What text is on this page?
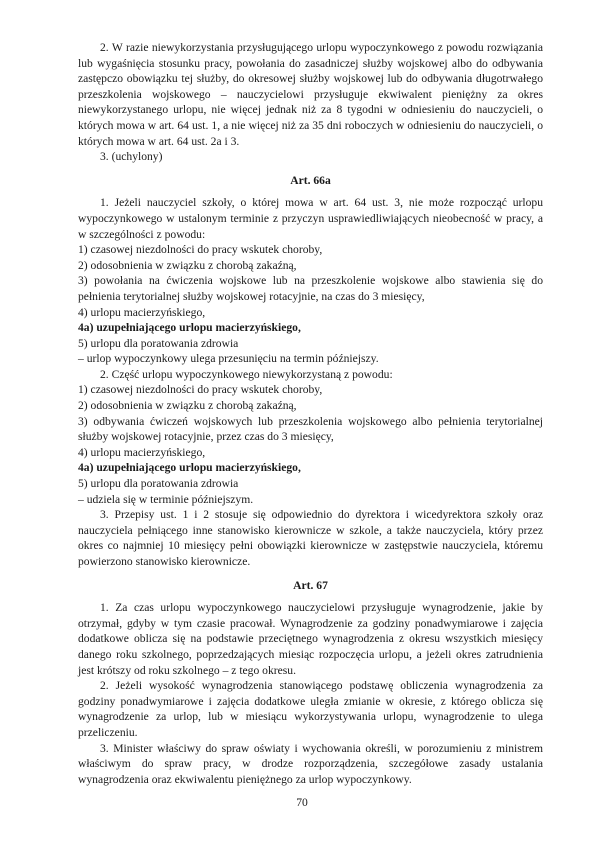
2. W razie niewykorzystania przysługującego urlopu wypoczynkowego z powodu rozwiązania lub wygaśnięcia stosunku pracy, powołania do zasadniczej służby wojskowej albo do odbywania zastępczo obowiązku tej służby, do okresowej służby wojskowej lub do odbywania długotrwałego przeszkolenia wojskowego – nauczycielowi przysługuje ekwiwalent pieniężny za okres niewykorzystanego urlopu, nie więcej jednak niż za 8 tygodni w odniesieniu do nauczycieli, o których mowa w art. 64 ust. 1, a nie więcej niż za 35 dni roboczych w odniesieniu do nauczycieli, o których mowa w art. 64 ust. 2a i 3.

3. (uchylony)

Art. 66a

1. Jeżeli nauczyciel szkoły, o której mowa w art. 64 ust. 3, nie może rozpocząć urlopu wypoczynkowego w ustalonym terminie z przyczyn usprawiedliwiających nieobecność w pracy, a w szczególności z powodu:

1) czasowej niezdolności do pracy wskutek choroby,

2) odosobnienia w związku z chorobą zakaźną,

3) powołania na ćwiczenia wojskowe lub na przeszkolenie wojskowe albo stawienia się do pełnienia terytorialnej służby wojskowej rotacyjnie, na czas do 3 miesięcy,

4) urlopu macierzyńskiego,

4a) uzupełniającego urlopu macierzyńskiego,

5) urlopu dla poratowania zdrowia

– urlop wypoczynkowy ulega przesunięciu na termin późniejszy.

2. Część urlopu wypoczynkowego niewykorzystaną z powodu:

1) czasowej niezdolności do pracy wskutek choroby,

2) odosobnienia w związku z chorobą zakaźną,

3) odbywania ćwiczeń wojskowych lub przeszkolenia wojskowego albo pełnienia terytorialnej służby wojskowej rotacyjnie, przez czas do 3 miesięcy,

4) urlopu macierzyńskiego,

4a) uzupełniającego urlopu macierzyńskiego,

5) urlopu dla poratowania zdrowia

– udziela się w terminie późniejszym.

3. Przepisy ust. 1 i 2 stosuje się odpowiednio do dyrektora i wicedyrektora szkoły oraz nauczyciela pełniącego inne stanowisko kierownicze w szkole, a także nauczyciela, który przez okres co najmniej 10 miesięcy pełni obowiązki kierownicze w zastępstwie nauczyciela, któremu powierzono stanowisko kierownicze.

Art. 67

1. Za czas urlopu wypoczynkowego nauczycielowi przysługuje wynagrodzenie, jakie by otrzymał, gdyby w tym czasie pracował. Wynagrodzenie za godziny ponadwymiarowe i zajęcia dodatkowe oblicza się na podstawie przeciętnego wynagrodzenia z okresu wszystkich miesięcy danego roku szkolnego, poprzedzających miesiąc rozpoczęcia urlopu, a jeżeli okres zatrudnienia jest krótszy od roku szkolnego – z tego okresu.

2. Jeżeli wysokość wynagrodzenia stanowiącego podstawę obliczenia wynagrodzenia za godziny ponadwymiarowe i zajęcia dodatkowe uległa zmianie w okresie, z którego oblicza się wynagrodzenie za urlop, lub w miesiącu wykorzystywania urlopu, wynagrodzenie to ulega przeliczeniu.

3. Minister właściwy do spraw oświaty i wychowania określi, w porozumieniu z ministrem właściwym do spraw pracy, w drodze rozporządzenia, szczegółowe zasady ustalania wynagrodzenia oraz ekwiwalentu pieniężnego za urlop wypoczynkowy.

70
